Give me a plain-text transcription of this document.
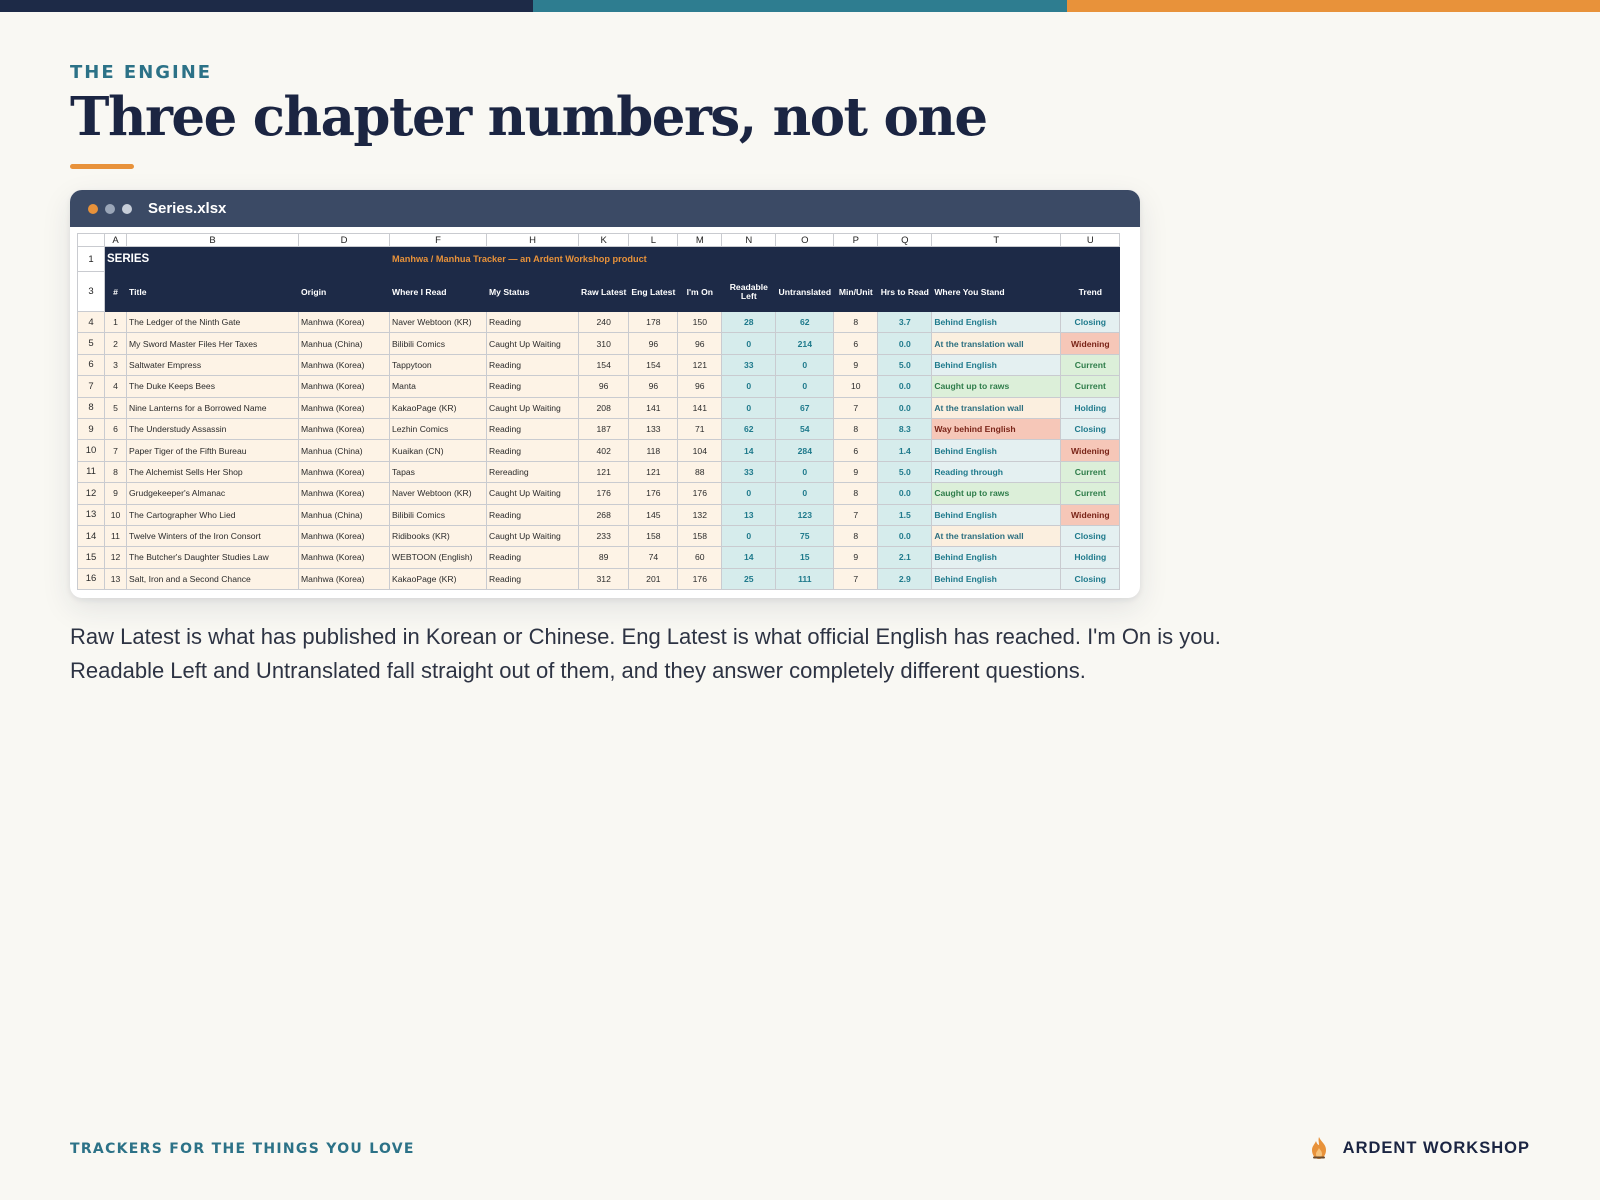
THE ENGINE
Three chapter numbers, not one
Series.xlsx
	A	B	D	F	H	K	L	M	N	O	P	Q	T	U
1	SERIES			Manhwa / Manhua Tracker — an Ardent Workshop product										
3	#	Title	Origin	Where I Read	My Status	Raw Latest	Eng Latest	I'm On	Readable Left	Untranslated	Min/Unit	Hrs to Read	Where You Stand	Trend
4	1	The Ledger of the Ninth Gate	Manhwa (Korea)	Naver Webtoon (KR)	Reading	240	178	150	28	62	8	3.7	Behind English	Closing
5	2	My Sword Master Files Her Taxes	Manhua (China)	Bilibili Comics	Caught Up Waiting	310	96	96	0	214	6	0.0	At the translation wall	Widening
6	3	Saltwater Empress	Manhwa (Korea)	Tappytoon	Reading	154	154	121	33	0	9	5.0	Behind English	Current
7	4	The Duke Keeps Bees	Manhwa (Korea)	Manta	Reading	96	96	96	0	0	10	0.0	Caught up to raws	Current
8	5	Nine Lanterns for a Borrowed Name	Manhwa (Korea)	KakaoPage (KR)	Caught Up Waiting	208	141	141	0	67	7	0.0	At the translation wall	Holding
9	6	The Understudy Assassin	Manhwa (Korea)	Lezhin Comics	Reading	187	133	71	62	54	8	8.3	Way behind English	Closing
10	7	Paper Tiger of the Fifth Bureau	Manhua (China)	Kuaikan (CN)	Reading	402	118	104	14	284	6	1.4	Behind English	Widening
11	8	The Alchemist Sells Her Shop	Manhwa (Korea)	Tapas	Rereading	121	121	88	33	0	9	5.0	Reading through	Current
12	9	Grudgekeeper's Almanac	Manhwa (Korea)	Naver Webtoon (KR)	Caught Up Waiting	176	176	176	0	0	8	0.0	Caught up to raws	Current
13	10	The Cartographer Who Lied	Manhua (China)	Bilibili Comics	Reading	268	145	132	13	123	7	1.5	Behind English	Widening
14	11	Twelve Winters of the Iron Consort	Manhwa (Korea)	Ridibooks (KR)	Caught Up Waiting	233	158	158	0	75	8	0.0	At the translation wall	Closing
15	12	The Butcher's Daughter Studies Law	Manhwa (Korea)	WEBTOON (English)	Reading	89	74	60	14	15	9	2.1	Behind English	Holding
16	13	Salt, Iron and a Second Chance	Manhwa (Korea)	KakaoPage (KR)	Reading	312	201	176	25	111	7	2.9	Behind English	Closing
Raw Latest is what has published in Korean or Chinese. Eng Latest is what official English has reached. I'm On is you. Readable Left and Untranslated fall straight out of them, and they answer completely different questions.
TRACKERS FOR THE THINGS YOU LOVE	ARDENT WORKSHOP
